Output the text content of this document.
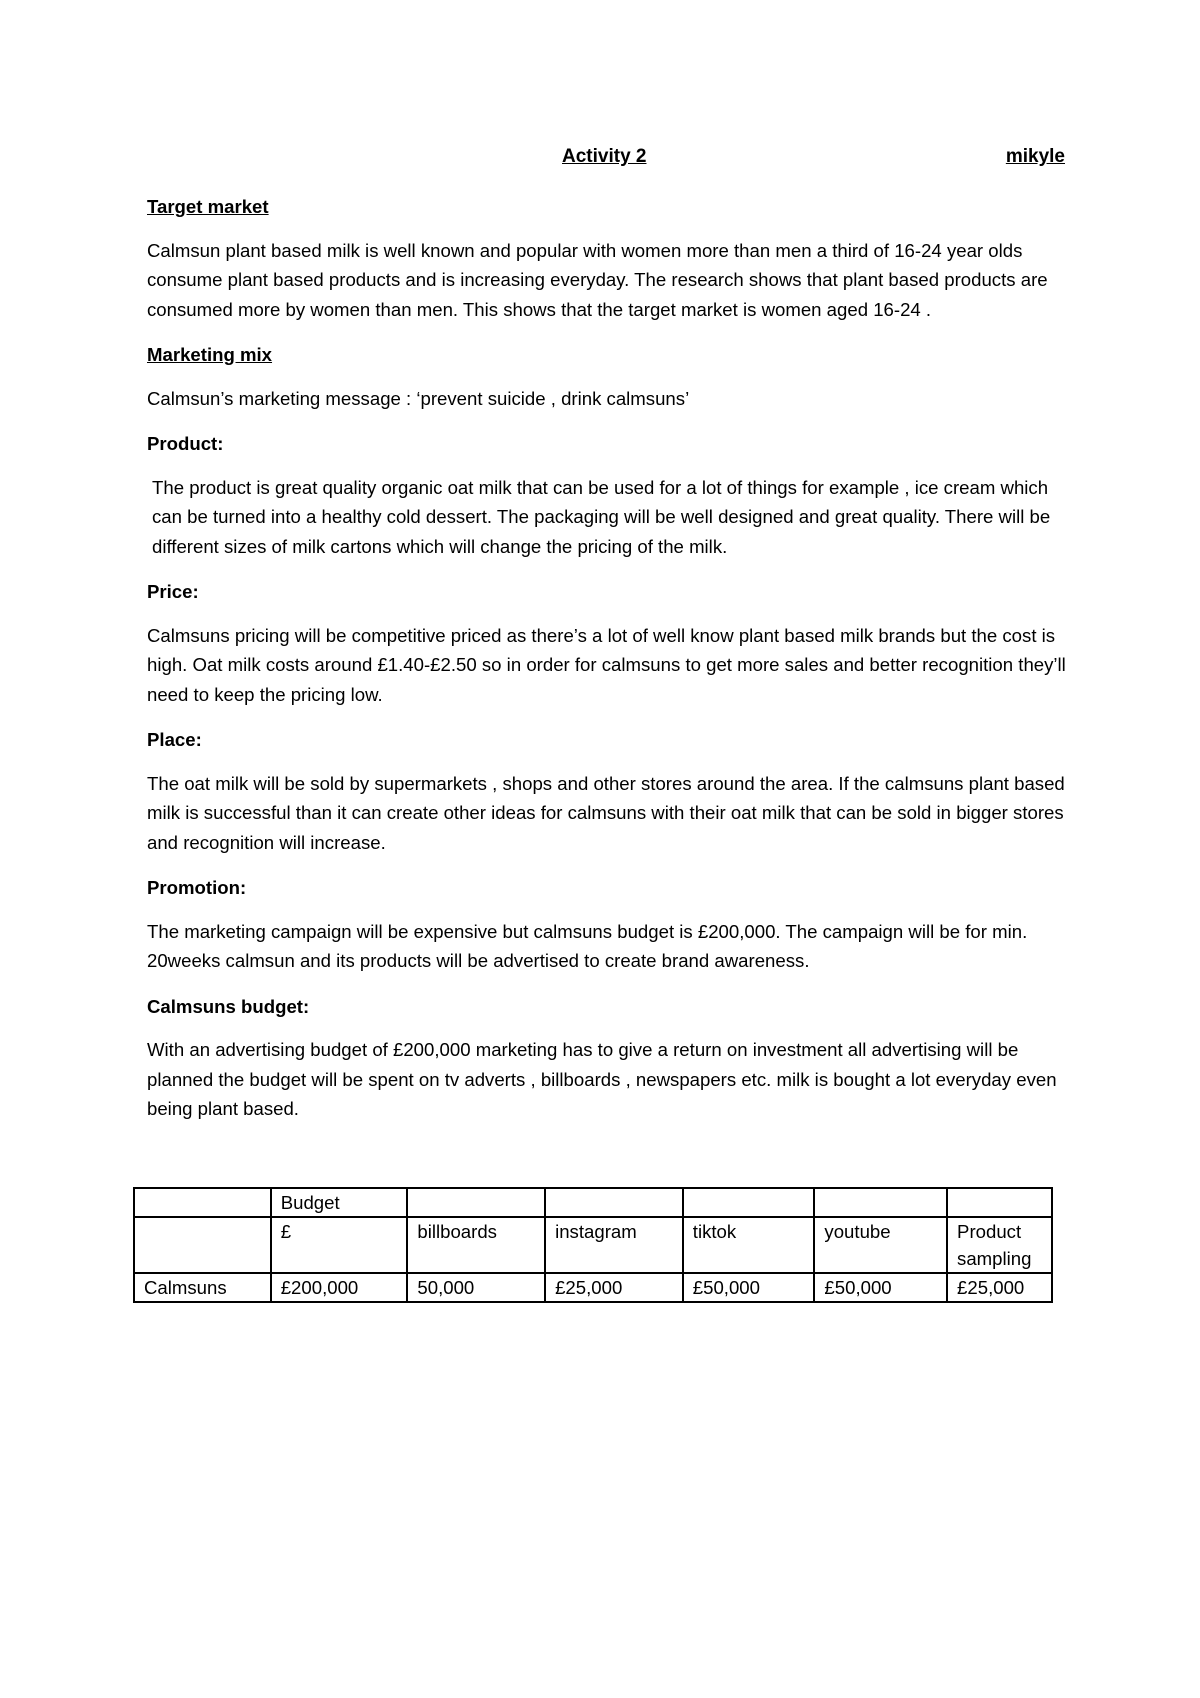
Activity 2	mikyle
Target market
Calmsun plant based milk is well known and popular with women more than men a third of 16-24 year olds consume plant based products and is increasing everyday. The research shows that plant based products are consumed more by women than men. This shows that the target market is women aged 16-24 .
Marketing mix
Calmsun’s marketing message : ‘prevent suicide , drink calmsuns’
Product:
The product is great quality organic oat milk that can be used for a lot of things for example , ice cream which can be turned into a healthy cold dessert. The packaging will be well designed and great quality. There will be different sizes of milk cartons which will change the pricing of the milk.
Price:
Calmsuns pricing will be competitive priced as there’s a lot of well know plant based milk brands but the cost is high. Oat milk costs around £1.40-£2.50 so in order for calmsuns to get more sales and better recognition they’ll need to keep the pricing low.
Place:
The oat milk will be sold by supermarkets , shops and other stores around the area. If the calmsuns plant based milk is successful than it can create other ideas for calmsuns with their oat milk that can be sold in bigger stores and recognition will increase.
Promotion:
The marketing campaign will be expensive but calmsuns budget is £200,000. The campaign will be for min. 20weeks calmsun and its products will be advertised to create brand awareness.
Calmsuns budget:
With an advertising budget of £200,000 marketing has to give a return on investment all advertising will be planned the budget will be spent on tv adverts , billboards , newspapers etc. milk is bought a lot everyday even being plant based.
	Budget					
	£	billboards	instagram	tiktok	youtube	Product sampling
Calmsuns	£200,000	50,000	£25,000	£50,000	£50,000	£25,000
